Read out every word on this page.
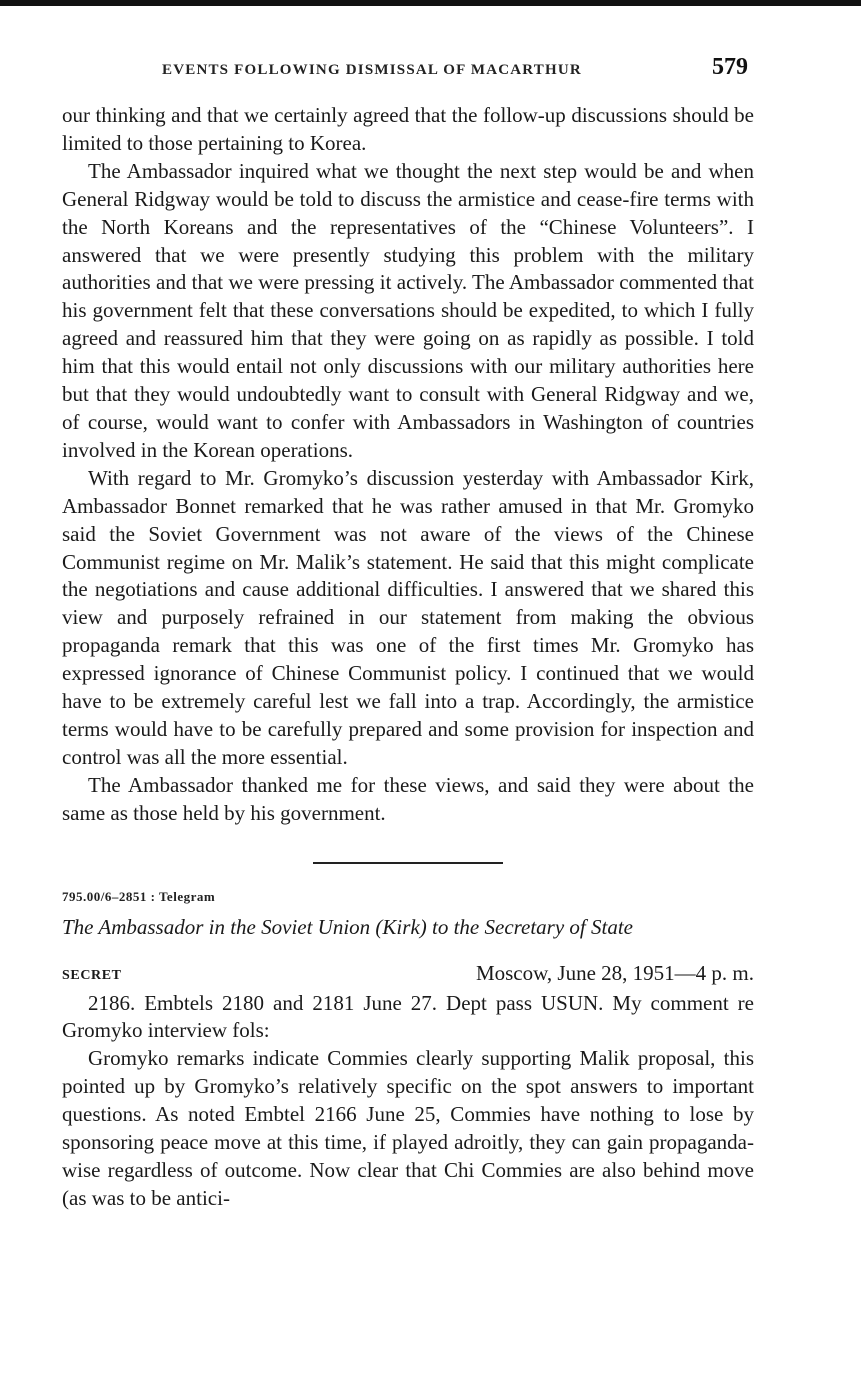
EVENTS FOLLOWING DISMISSAL OF MACARTHUR	579

our thinking and that we certainly agreed that the follow-up discussions should be limited to those pertaining to Korea.

The Ambassador inquired what we thought the next step would be and when General Ridgway would be told to discuss the armistice and cease-fire terms with the North Koreans and the representatives of the “Chinese Volunteers”. I answered that we were presently studying this problem with the military authorities and that we were pressing it actively. The Ambassador commented that his government felt that these conversations should be expedited, to which I fully agreed and reassured him that they were going on as rapidly as possible. I told him that this would entail not only discussions with our military authorities here but that they would undoubtedly want to consult with General Ridgway and we, of course, would want to confer with Ambassadors in Washington of countries involved in the Korean operations.

With regard to Mr. Gromyko’s discussion yesterday with Ambassador Kirk, Ambassador Bonnet remarked that he was rather amused in that Mr. Gromyko said the Soviet Government was not aware of the views of the Chinese Communist regime on Mr. Malik’s statement. He said that this might complicate the negotiations and cause additional difficulties. I answered that we shared this view and purposely refrained in our statement from making the obvious propaganda remark that this was one of the first times Mr. Gromyko has expressed ignorance of Chinese Communist policy. I continued that we would have to be extremely careful lest we fall into a trap. Accordingly, the armistice terms would have to be carefully prepared and some provision for inspection and control was all the more essential.

The Ambassador thanked me for these views, and said they were about the same as those held by his government.

795.00/6–2851 : Telegram
The Ambassador in the Soviet Union (Kirk) to the Secretary of State
SECRET	Moscow, June 28, 1951—4 p. m.

2186. Embtels 2180 and 2181 June 27. Dept pass USUN. My comment re Gromyko interview fols:

Gromyko remarks indicate Commies clearly supporting Malik proposal, this pointed up by Gromyko’s relatively specific on the spot answers to important questions. As noted Embtel 2166 June 25, Commies have nothing to lose by sponsoring peace move at this time, if played adroitly, they can gain propaganda-wise regardless of outcome. Now clear that Chi Commies are also behind move (as was to be antici-
